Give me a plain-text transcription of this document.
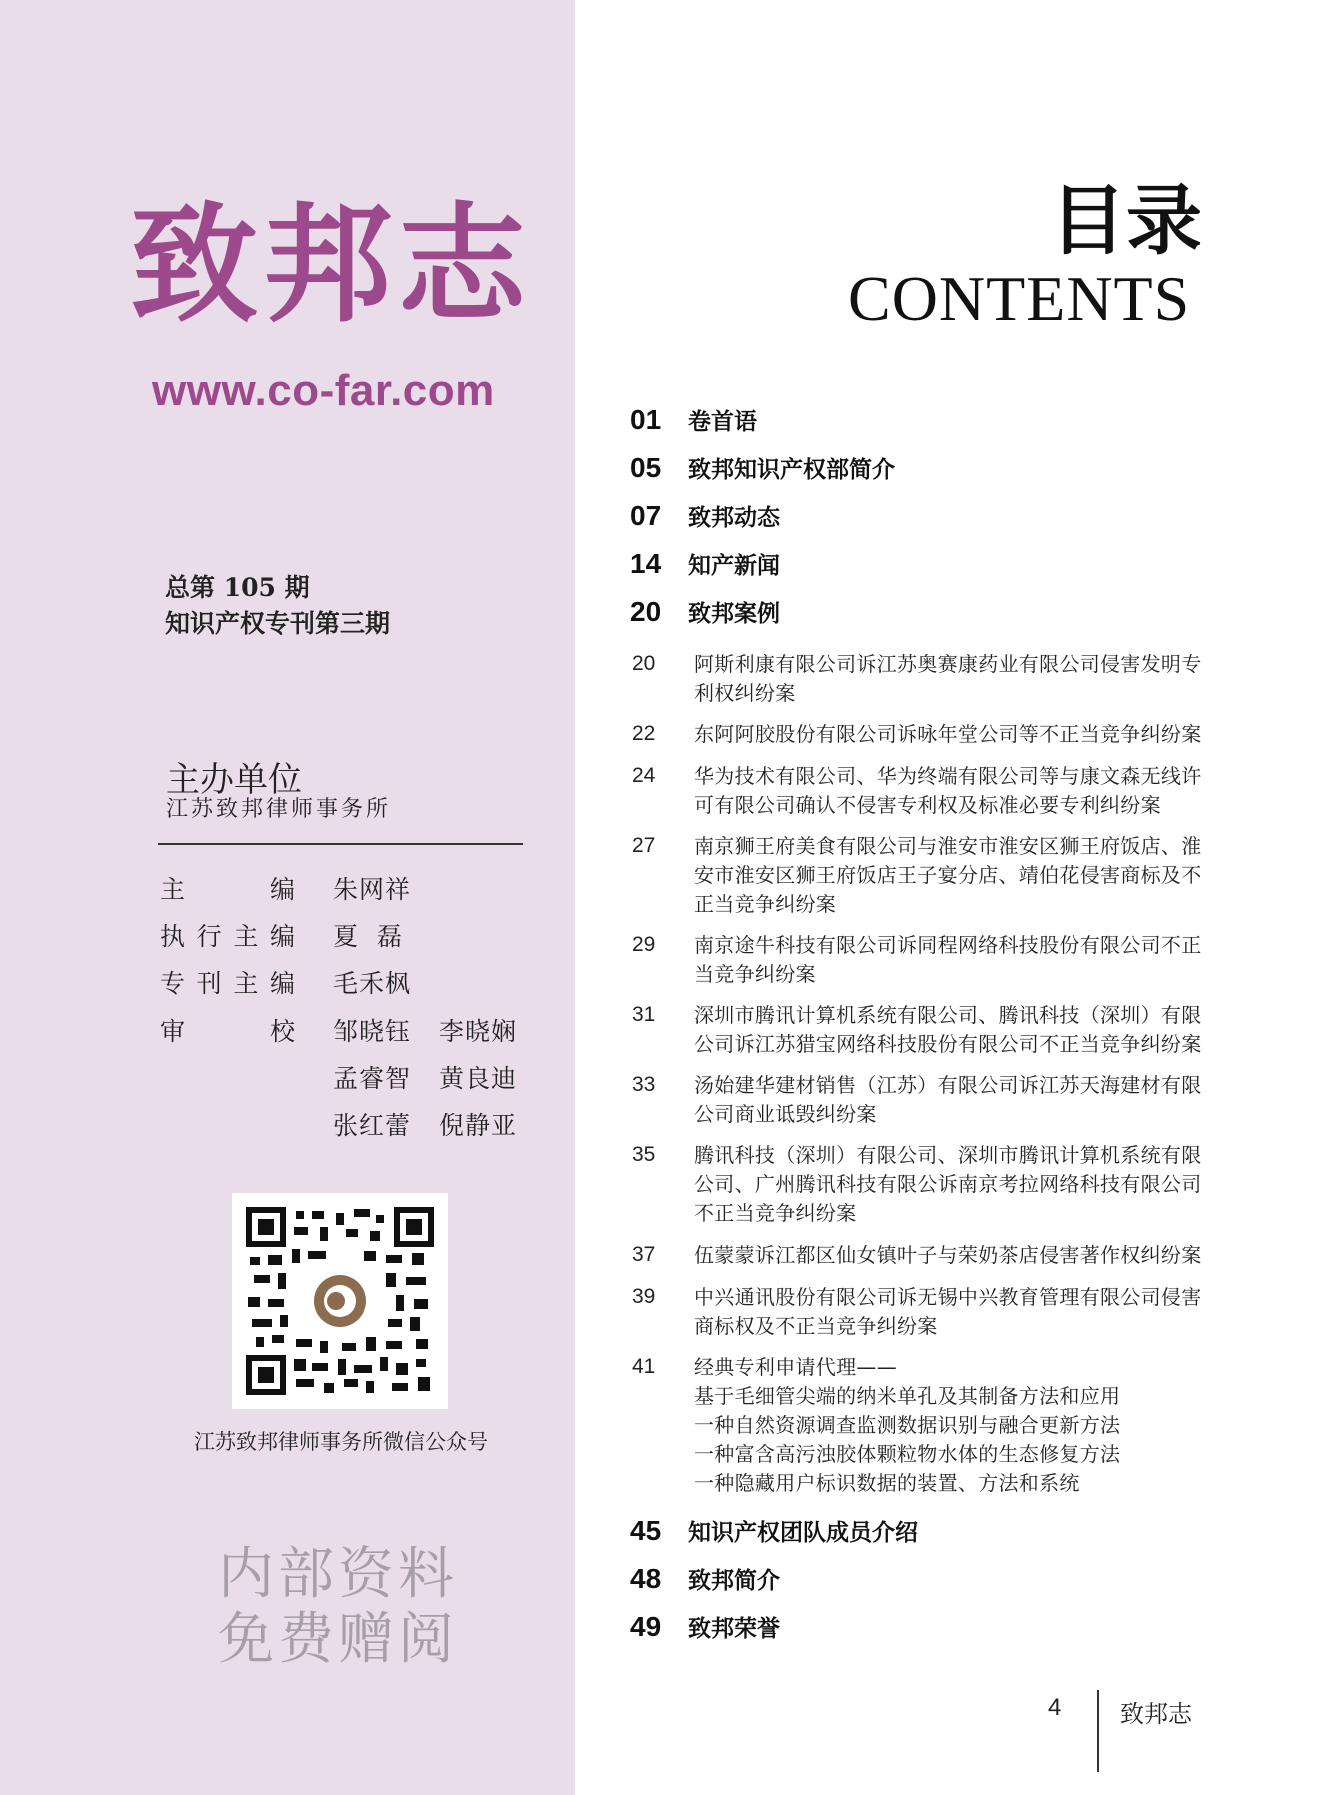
致邦志
www.co-far.com
总第 105 期
知识产权专刊第三期
主办单位
江苏致邦律师事务所
主编 朱网祥
执行主编 夏  磊
专刊主编 毛禾枫
审校 邹晓钰 李晓娴
孟睿智 黄良迪
张红蕾 倪静亚
江苏致邦律师事务所微信公众号
内部资料
免费赠阅
目录
CONTENTS
01 卷首语
05 致邦知识产权部简介
07 致邦动态
14 知产新闻
20 致邦案例
20 阿斯利康有限公司诉江苏奥赛康药业有限公司侵害发明专
利权纠纷案
22 东阿阿胶股份有限公司诉咏年堂公司等不正当竞争纠纷案
24 华为技术有限公司、华为终端有限公司等与康文森无线许
可有限公司确认不侵害专利权及标准必要专利纠纷案
27 南京狮王府美食有限公司与淮安市淮安区狮王府饭店、淮
安市淮安区狮王府饭店王子宴分店、靖伯花侵害商标及不
正当竞争纠纷案
29 南京途牛科技有限公司诉同程网络科技股份有限公司不正
当竞争纠纷案
31 深圳市腾讯计算机系统有限公司、腾讯科技（深圳）有限
公司诉江苏猎宝网络科技股份有限公司不正当竞争纠纷案
33 汤始建华建材销售（江苏）有限公司诉江苏天海建材有限
公司商业诋毁纠纷案
35 腾讯科技（深圳）有限公司、深圳市腾讯计算机系统有限
公司、广州腾讯科技有限公诉南京考拉网络科技有限公司
不正当竞争纠纷案
37 伍蒙蒙诉江都区仙女镇叶子与荣奶茶店侵害著作权纠纷案
39 中兴通讯股份有限公司诉无锡中兴教育管理有限公司侵害
商标权及不正当竞争纠纷案
41 经典专利申请代理——
基于毛细管尖端的纳米单孔及其制备方法和应用
一种自然资源调查监测数据识别与融合更新方法
一种富含高污浊胶体颗粒物水体的生态修复方法
一种隐藏用户标识数据的装置、方法和系统
45 知识产权团队成员介绍
48 致邦简介
49 致邦荣誉
4 致邦志
